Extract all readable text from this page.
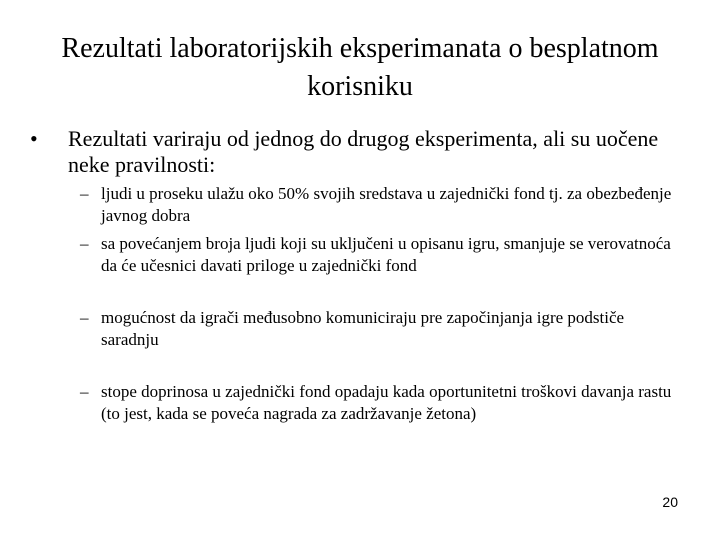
Rezultati laboratorijskih eksperimanata o besplatnom korisniku
• Rezultati variraju od jednog do drugog eksperimenta, ali su uočene neke pravilnosti:
– ljudi u proseku ulažu oko 50% svojih sredstava u zajednički fond tj. za obezbeđenje javnog dobra
– sa povećanjem broja ljudi koji su uključeni u opisanu igru, smanjuje se verovatnoća da će učesnici davati priloge u zajednički fond
– mogućnost da igrači međusobno komuniciraju pre započinjanja igre podstiče saradnju
– stope doprinosa u zajednički fond opadaju kada oportunitetni troškovi davanja rastu (to jest, kada se poveća nagrada za zadržavanje žetona)
20
